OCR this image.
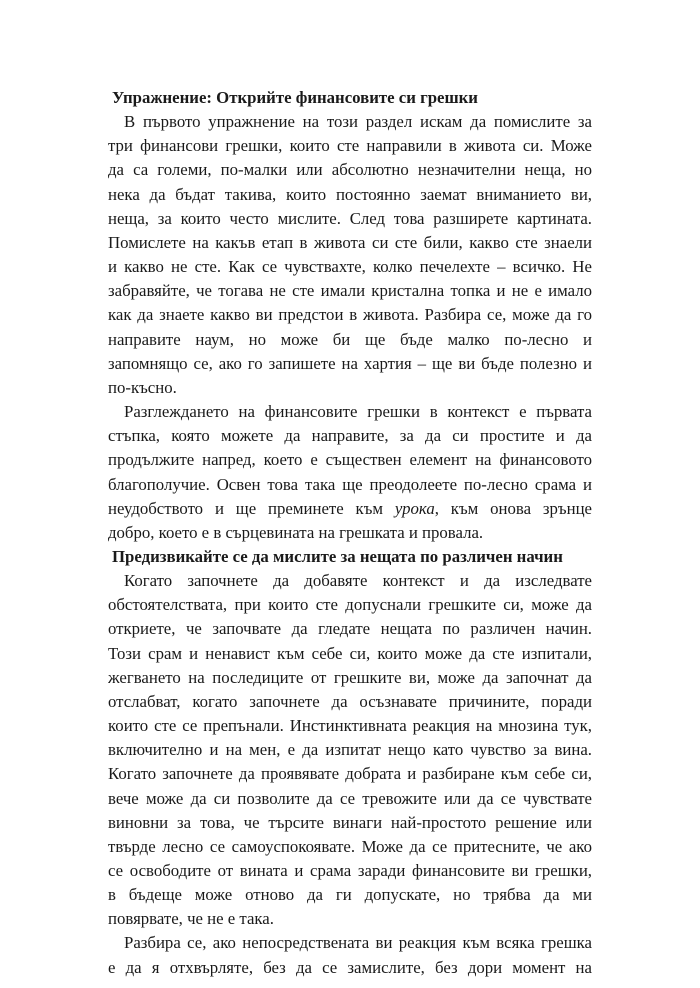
Упражнение: Открийте финансовите си грешки
В първото упражнение на този раздел искам да помислите за
три финансови грешки, които сте направили в живота си. Може
да са големи, по-малки или абсолютно незначителни неща, но
нека да бъдат такива, които постоянно заемат вниманието ви,
неща, за които често мислите. След това разширете картината.
Помислете на какъв етап в живота си сте били, какво сте знаели
и какво не сте. Как се чувствахте, колко печелехте – всичко. Не
забравяйте, че тогава не сте имали кристална топка и не е имало
как да знаете какво ви предстои в живота. Разбира се, може да го
направите наум, но може би ще бъде малко по-лесно и
запомнящо се, ако го запишете на хартия – ще ви бъде полезно и
по-късно.
Разглеждането на финансовите грешки в контекст е първата
стъпка, която можете да направите, за да си простите и да
продължите напред, което е съществен елемент на финансовото
благополучие. Освен това така ще преодолеете по-лесно срама и
неудобството и ще преминете към урока, към онова зрънце
добро, което е в сърцевината на грешката и провала.
Предизвикайте се да мислите за нещата по различен начин
Когато започнете да добавяте контекст и да изследвате
обстоятелствата, при които сте допуснали грешките си, може да
откриете, че започвате да гледате нещата по различен начин.
Този срам и ненавист към себе си, които може да сте изпитали,
жегването на последиците от грешките ви, може да започнат да
отслабват, когато започнете да осъзнавате причините, поради
които сте се препънали. Инстинктивната реакция на мнозина тук,
включително и на мен, е да изпитат нещо като чувство за вина.
Когато започнете да проявявате добрата и разбиране към себе си,
вече може да си позволите да се тревожите или да се чувствате
виновни за това, че търсите винаги най-простото решение или
твърде лесно се самоуспокоявате. Може да се притесните, че ако
се освободите от вината и срама заради финансовите ви грешки,
в бъдеще може отново да ги допускате, но трябва да ми
повярвате, че не е така.
Разбира се, ако непосредствената ви реакция към всяка грешка
е да я отхвърляте, без да се замислите, без дори момент на
